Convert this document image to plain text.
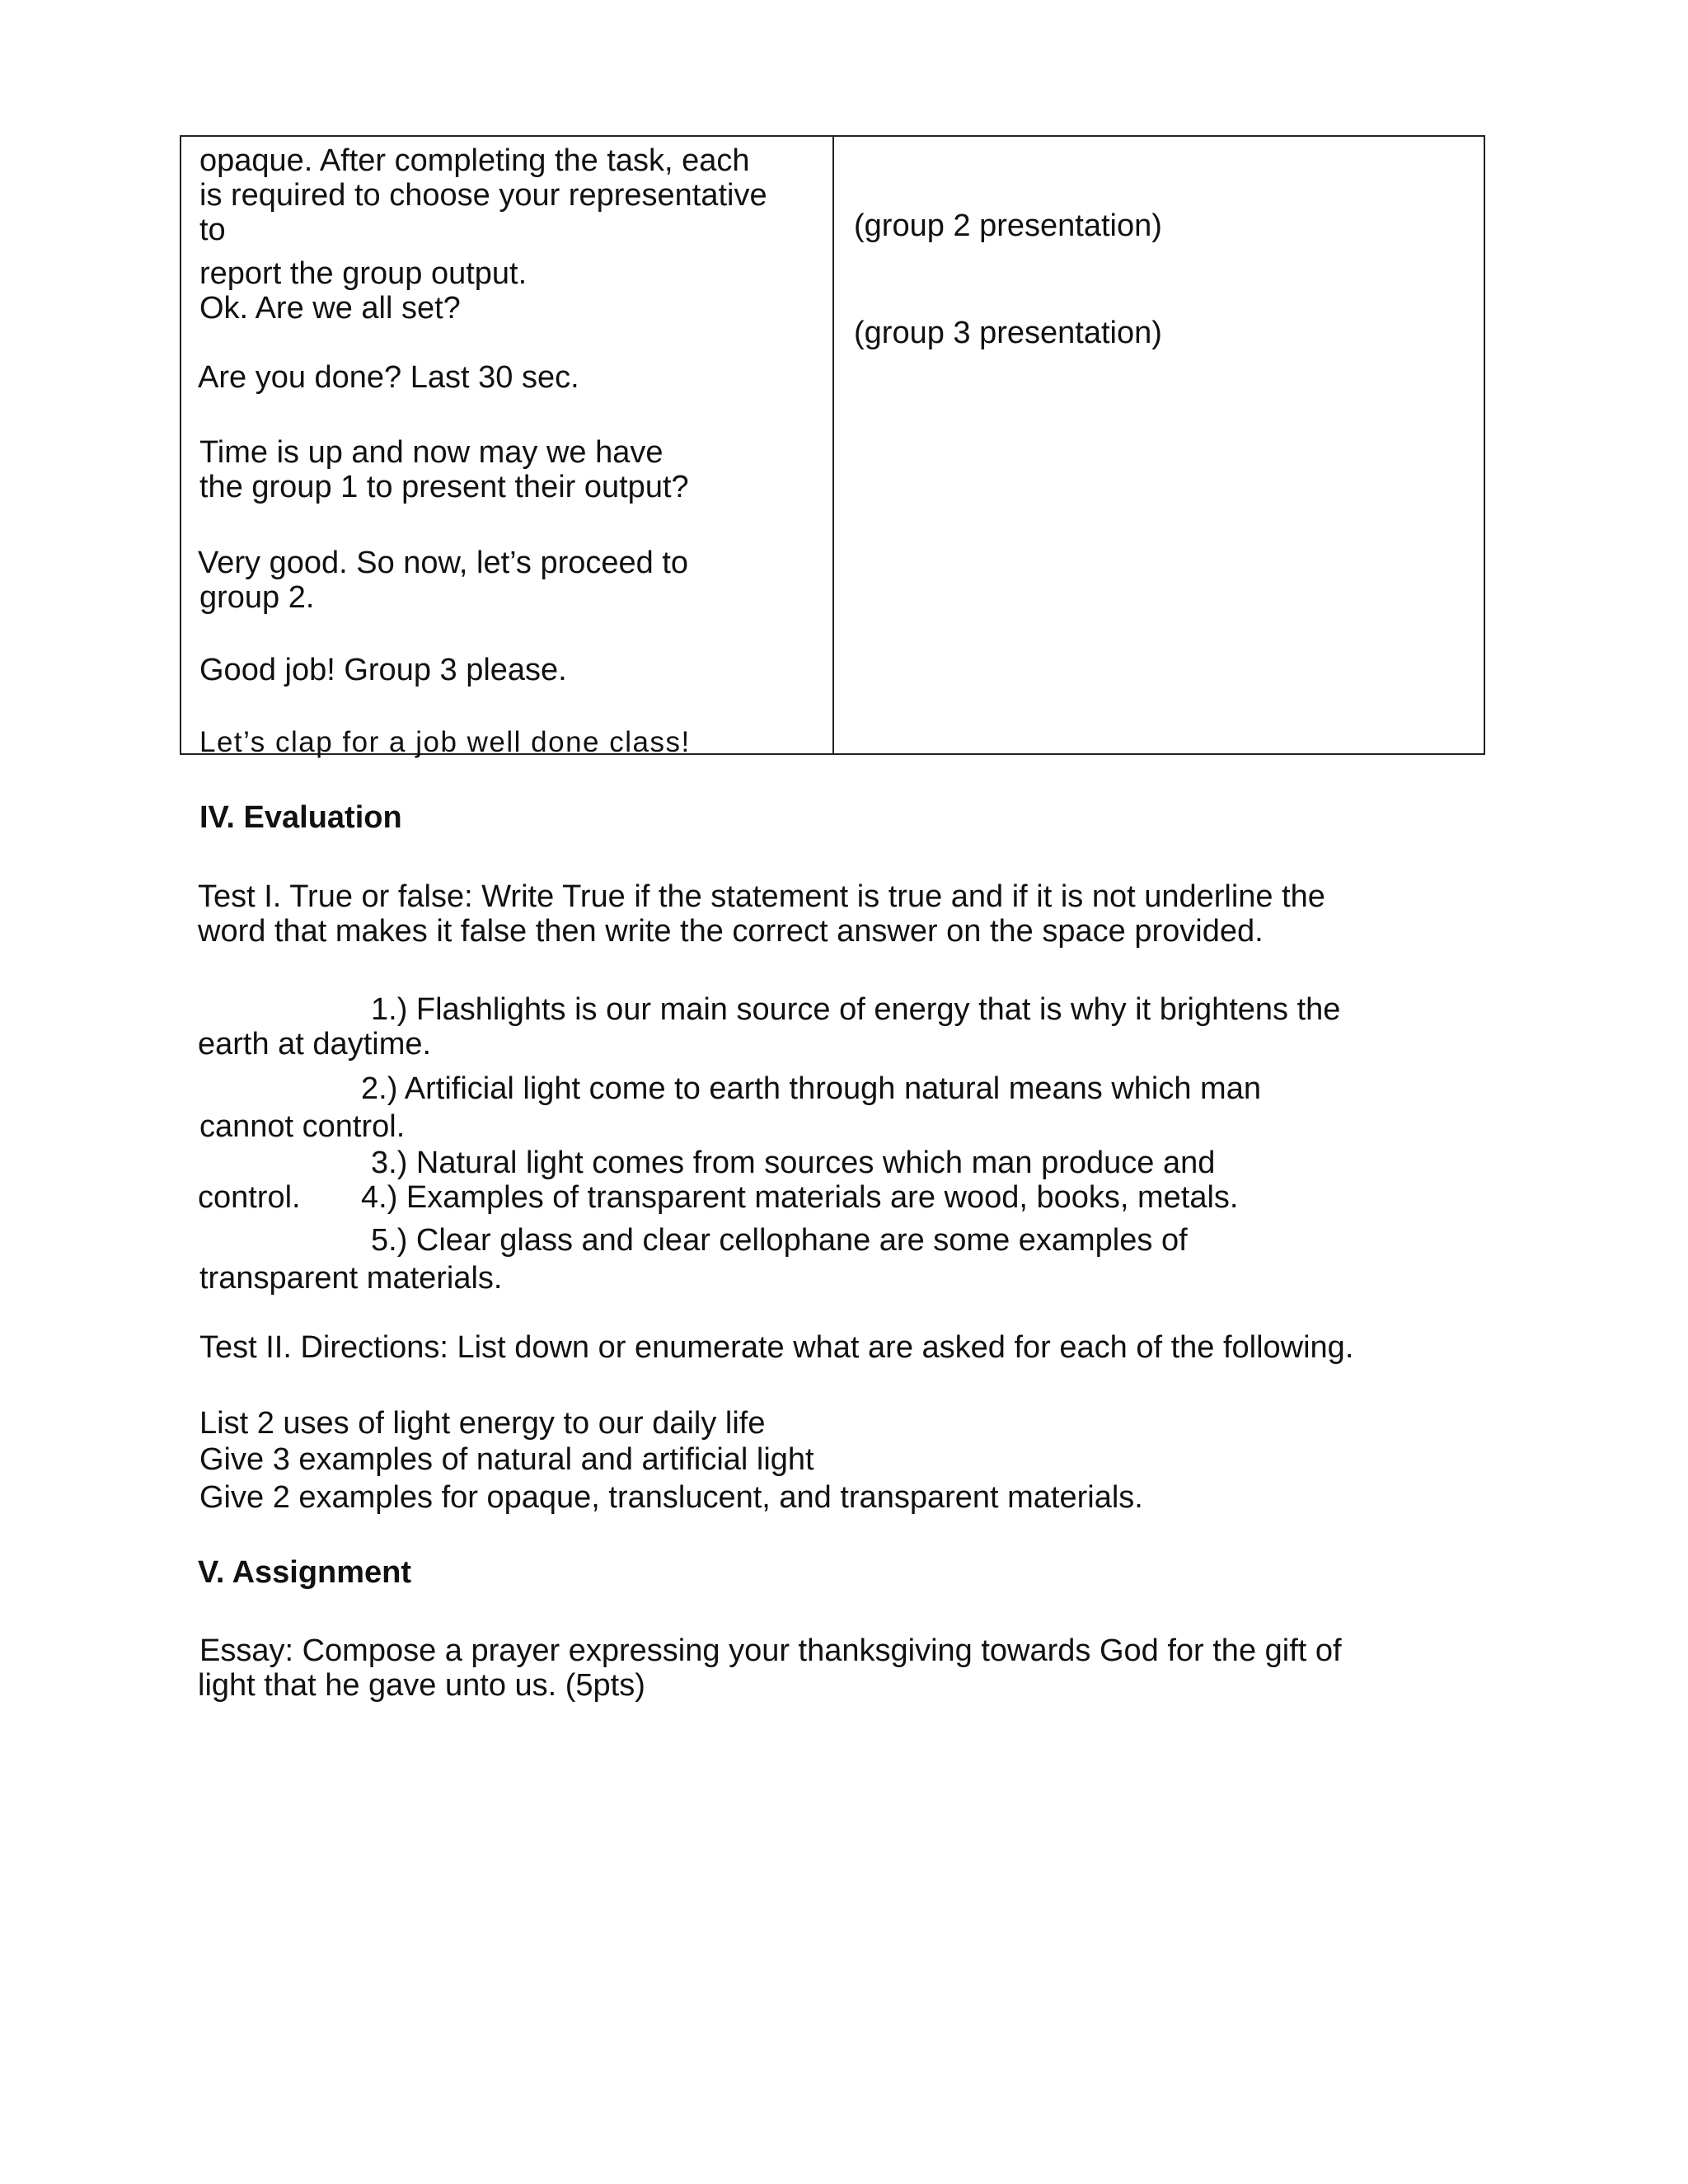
opaque. After completing the task, each
is required to choose your representative
to
report the group output.
Ok. Are we all set?
Are you done? Last 30 sec.
Time is up and now may we have
the group 1 to present their output?
Very good. So now, let’s proceed to
group 2.
Good job! Group 3 please.
Let’s clap for a job well done class!
(group 2 presentation)
(group 3 presentation)
IV. Evaluation
Test I. True or false: Write True if the statement is true and if it is not underline the
word that makes it false then write the correct answer on the space provided.
1.) Flashlights is our main source of energy that is why it brightens the
earth at daytime.
2.) Artificial light come to earth through natural means which man
cannot control.
3.) Natural light comes from sources which man produce and
control. 4.) Examples of transparent materials are wood, books, metals.
5.) Clear glass and clear cellophane are some examples of
transparent materials.
Test II. Directions: List down or enumerate what are asked for each of the following.
List 2 uses of light energy to our daily life
Give 3 examples of natural and artificial light
Give 2 examples for opaque, translucent, and transparent materials.
V. Assignment
Essay: Compose a prayer expressing your thanksgiving towards God for the gift of
light that he gave unto us. (5pts)
